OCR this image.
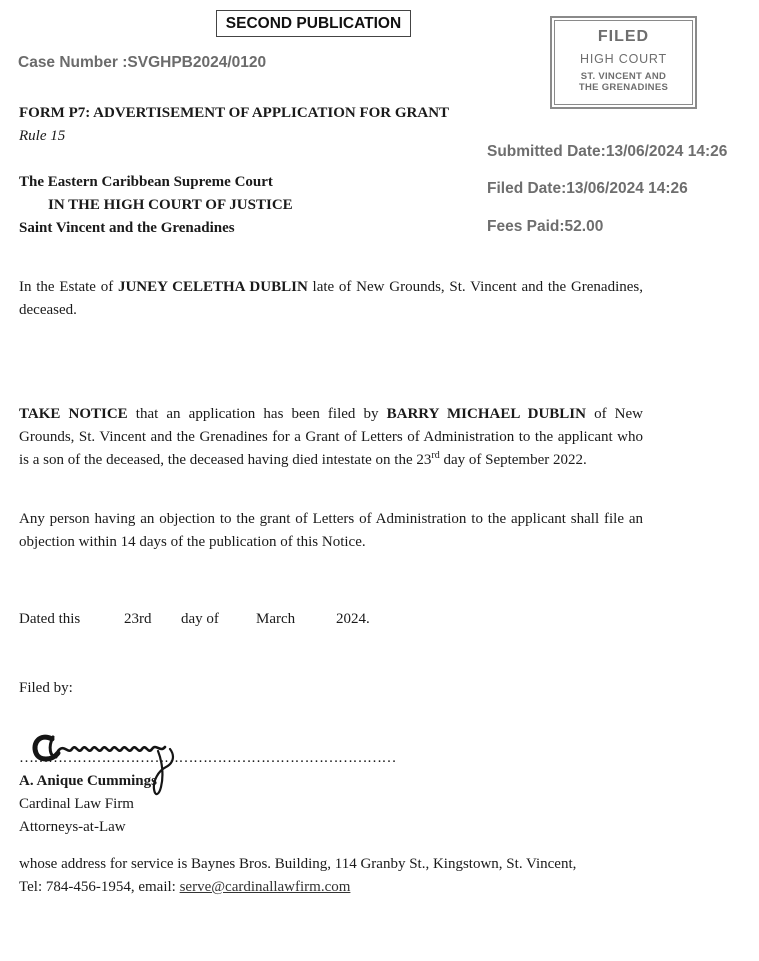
SECOND PUBLICATION
Case Number :SVGHPB2024/0120
FILED
HIGH COURT
ST. VINCENT AND
THE GRENADINES
Submitted Date:13/06/2024 14:26
Filed Date:13/06/2024 14:26
Fees Paid:52.00
FORM P7: ADVERTISEMENT OF APPLICATION FOR GRANT
Rule 15
The Eastern Caribbean Supreme Court
IN THE HIGH COURT OF JUSTICE
Saint Vincent and the Grenadines
In the Estate of JUNEY CELETHA DUBLIN late of New Grounds, St. Vincent and the Grenadines, deceased.
TAKE NOTICE that an application has been filed by BARRY MICHAEL DUBLIN of New Grounds, St. Vincent and the Grenadines for a Grant of Letters of Administration to the applicant who is a son of the deceased, the deceased having died intestate on the 23rd day of September 2022.
Any person having an objection to the grant of Letters of Administration to the applicant shall file an objection within 14 days of the publication of this Notice.
Dated this	23rd day of March	2024.
Filed by:
……………………………………………………………………
A. Anique Cummings
Cardinal Law Firm
Attorneys-at-Law
whose address for service is Baynes Bros. Building, 114 Granby St., Kingstown, St. Vincent,
Tel: 784-456-1954, email: serve@cardinallawfirm.com
